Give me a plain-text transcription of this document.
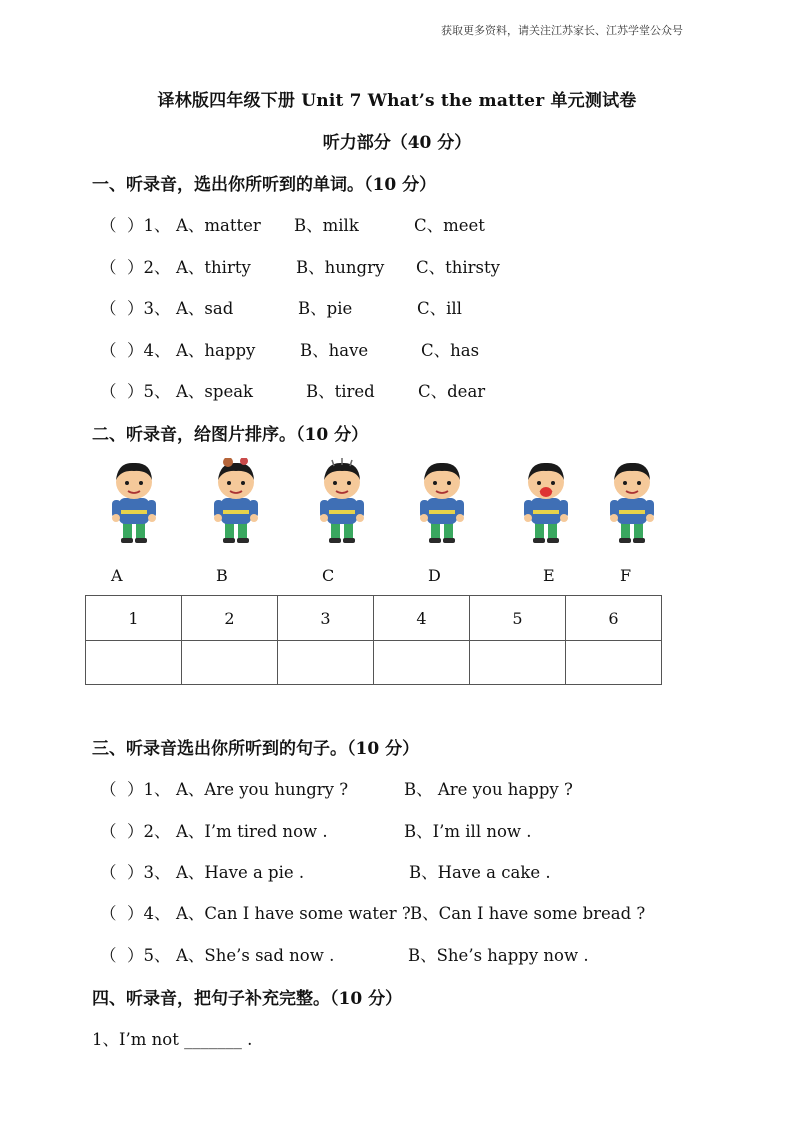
获取更多资料，请关注江苏家长、江苏学堂公众号
译林版四年级下册 Unit 7 What’s the matter 单元测试卷
听力部分（40 分）
一、听录音，选出你所听到的单词。（10 分）
（ ）1、 A、matter B、milk	C、meet
（ ）2、 A、thirty	B、hungry C、thirsty
（ ）3、 A、sad	B、pie	C、ill
（ ）4、 A、happy	B、have	C、has
（ ）5、 A、speak	B、tired	C、dear
二、听录音，给图片排序。（10 分）
A	B	C	D	E	F
1	2	3	4	5	6

三、听录音选出你所听到的句子。（10 分）
（ ）1、 A、Are you hungry ?	B、 Are you happy ?
（ ）2、 A、I’m tired now .	B、I’m ill now .
（ ）3、 A、Have a pie .	B、Have a cake .
（ ）4、 A、Can I have some water ? B、Can I have some bread ?
（ ）5、 A、She’s sad now .	B、She’s happy now .
四、听录音，把句子补充完整。（10 分）
1、I’m not _______ .
